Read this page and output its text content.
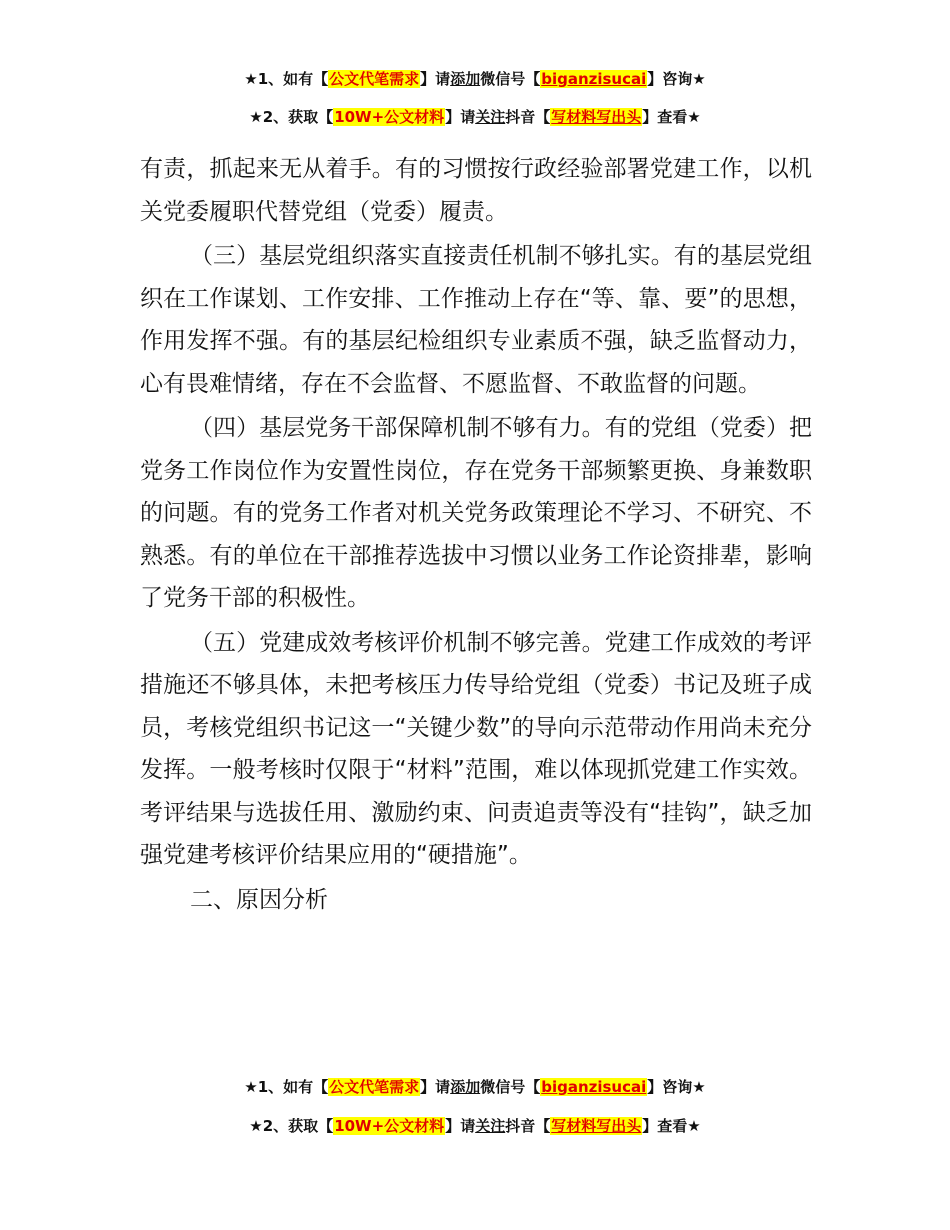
★1、如有【公文代笔需求】请添加微信号【biganzisucai】咨询★
★2、获取【10W+公文材料】请关注抖音【写材料写出头】查看★

有责，抓起来无从着手。有的习惯按行政经验部署党建工作，以机关党委履职代替党组（党委）履责。

（三）基层党组织落实直接责任机制不够扎实。有的基层党组织在工作谋划、工作安排、工作推动上存在“等、靠、要”的思想，作用发挥不强。有的基层纪检组织专业素质不强，缺乏监督动力，心有畏难情绪，存在不会监督、不愿监督、不敢监督的问题。

（四）基层党务干部保障机制不够有力。有的党组（党委）把党务工作岗位作为安置性岗位，存在党务干部频繁更换、身兼数职的问题。有的党务工作者对机关党务政策理论不学习、不研究、不熟悉。有的单位在干部推荐选拔中习惯以业务工作论资排辈，影响了党务干部的积极性。

（五）党建成效考核评价机制不够完善。党建工作成效的考评措施还不够具体，未把考核压力传导给党组（党委）书记及班子成员，考核党组织书记这一“关键少数”的导向示范带动作用尚未充分发挥。一般考核时仅限于“材料”范围，难以体现抓党建工作实效。考评结果与选拔任用、激励约束、问责追责等没有“挂钩”，缺乏加强党建考核评价结果应用的“硬措施”。

二、原因分析

★1、如有【公文代笔需求】请添加微信号【biganzisucai】咨询★
★2、获取【10W+公文材料】请关注抖音【写材料写出头】查看★
